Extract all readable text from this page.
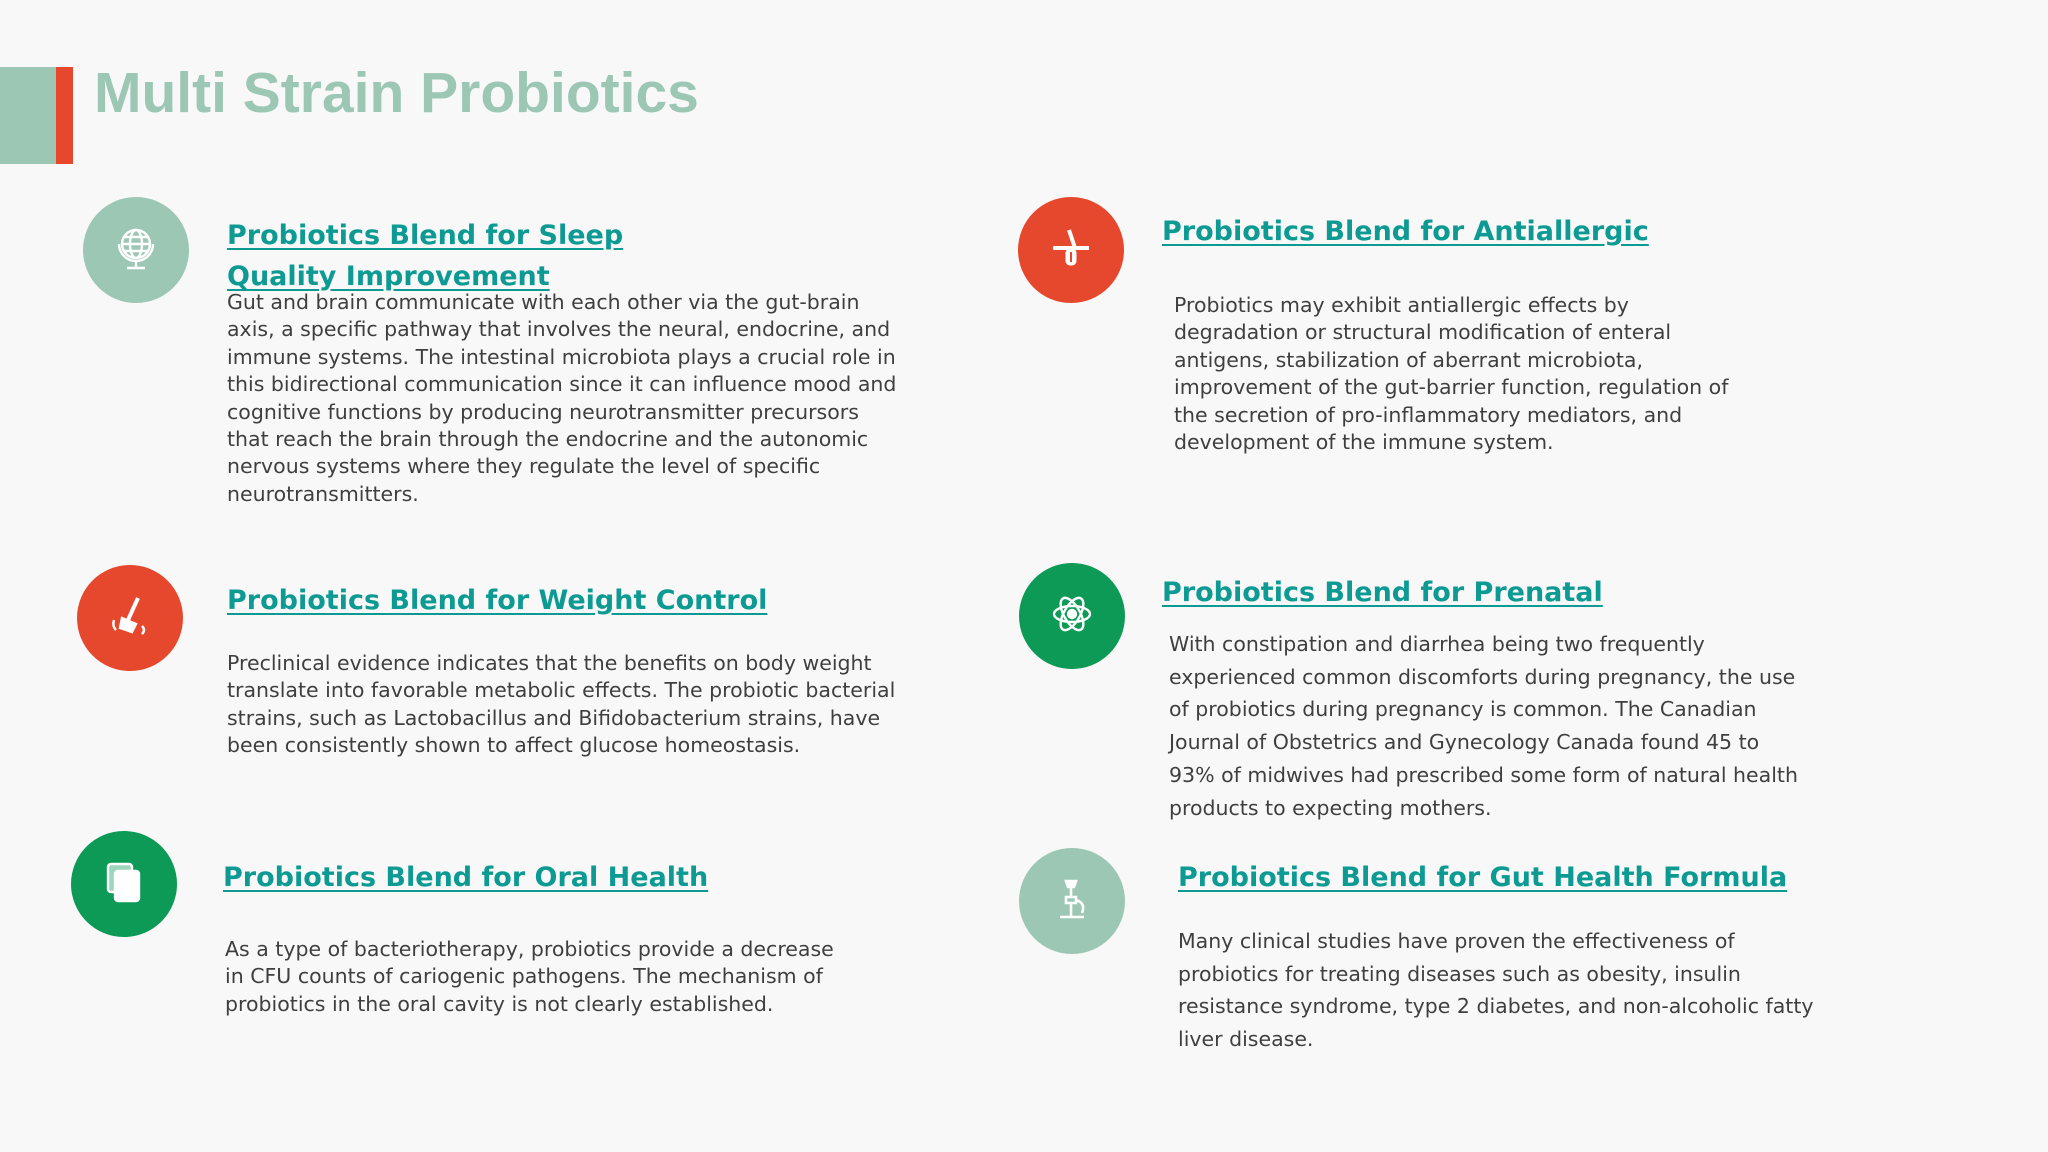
Multi Strain Probiotics
Probiotics Blend for Sleep Quality Improvement
Gut and brain communicate with each other via the gut-brain axis, a specific pathway that involves the neural, endocrine, and immune systems. The intestinal microbiota plays a crucial role in this bidirectional communication since it can influence mood and cognitive functions by producing neurotransmitter precursors that reach the brain through the endocrine and the autonomic nervous systems where they regulate the level of specific neurotransmitters.
Probiotics Blend for Antiallergic
Probiotics may exhibit antiallergic effects by degradation or structural modification of enteral antigens, stabilization of aberrant microbiota, improvement of the gut-barrier function, regulation of the secretion of pro-inflammatory mediators, and development of the immune system.
Probiotics Blend for Weight Control
Preclinical evidence indicates that the benefits on body weight translate into favorable metabolic effects. The probiotic bacterial strains, such as Lactobacillus and Bifidobacterium strains, have been consistently shown to affect glucose homeostasis.
Probiotics Blend for Prenatal
With constipation and diarrhea being two frequently experienced common discomforts during pregnancy, the use of probiotics during pregnancy is common. The Canadian Journal of Obstetrics and Gynecology Canada found 45 to 93% of midwives had prescribed some form of natural health products to expecting mothers.
Probiotics Blend for Oral Health
As a type of bacteriotherapy, probiotics provide a decrease in CFU counts of cariogenic pathogens. The mechanism of probiotics in the oral cavity is not clearly established.
Probiotics Blend for Gut Health Formula
Many clinical studies have proven the effectiveness of probiotics for treating diseases such as obesity, insulin resistance syndrome, type 2 diabetes, and non-alcoholic fatty liver disease.
